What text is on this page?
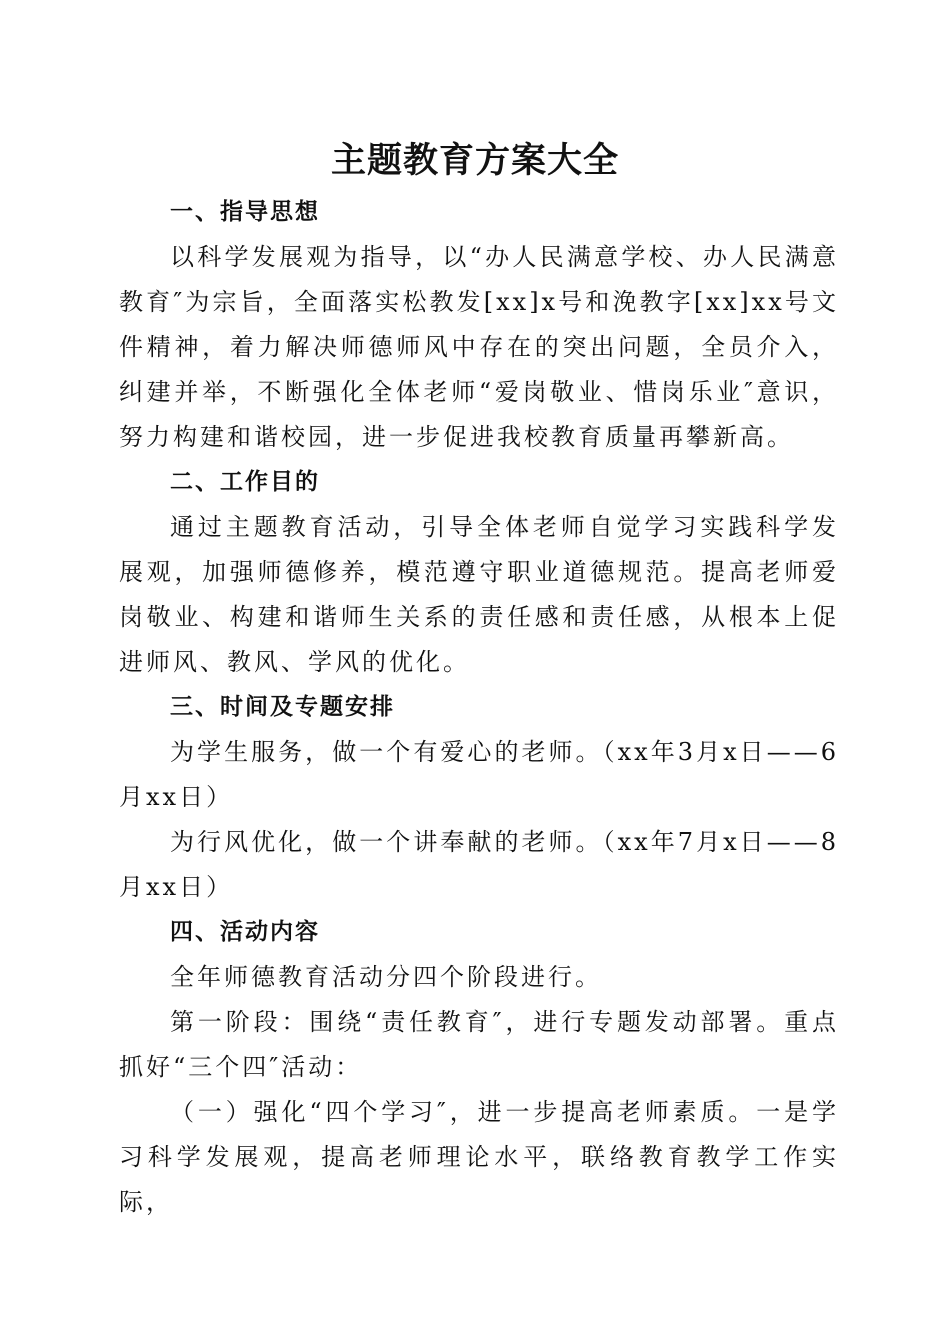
主题教育方案大全
一、指导思想

以科学发展观为指导，以“办人民满意学校、办人民满意教育″为宗旨，全面落实松教发[xx]x号和浼教字[xx]xx号文件精神，着力解决师德师风中存在的突出问题，全员介入，纠建并举，不断强化全体老师“爱岗敬业、惜岗乐业″意识，努力构建和谐校园，进一步促进我校教育质量再攀新高。

二、工作目的

通过主题教育活动，引导全体老师自觉学习实践科学发展观，加强师德修养，模范遵守职业道德规范。提高老师爱岗敬业、构建和谐师生关系的责任感和责任感，从根本上促进师风、教风、学风的优化。

三、时间及专题安排

为学生服务，做一个有爱心的老师。（xx年3月x日——6月xx日）

为行风优化，做一个讲奉献的老师。（xx年7月x日——8月xx日）

四、活动内容

全年师德教育活动分四个阶段进行。

第一阶段：围绕“责任教育″，进行专题发动部署。重点抓好“三个四″活动：

（一）强化“四个学习″，进一步提高老师素质。一是学习科学发展观，提高老师理论水平，联络教育教学工作实际，
